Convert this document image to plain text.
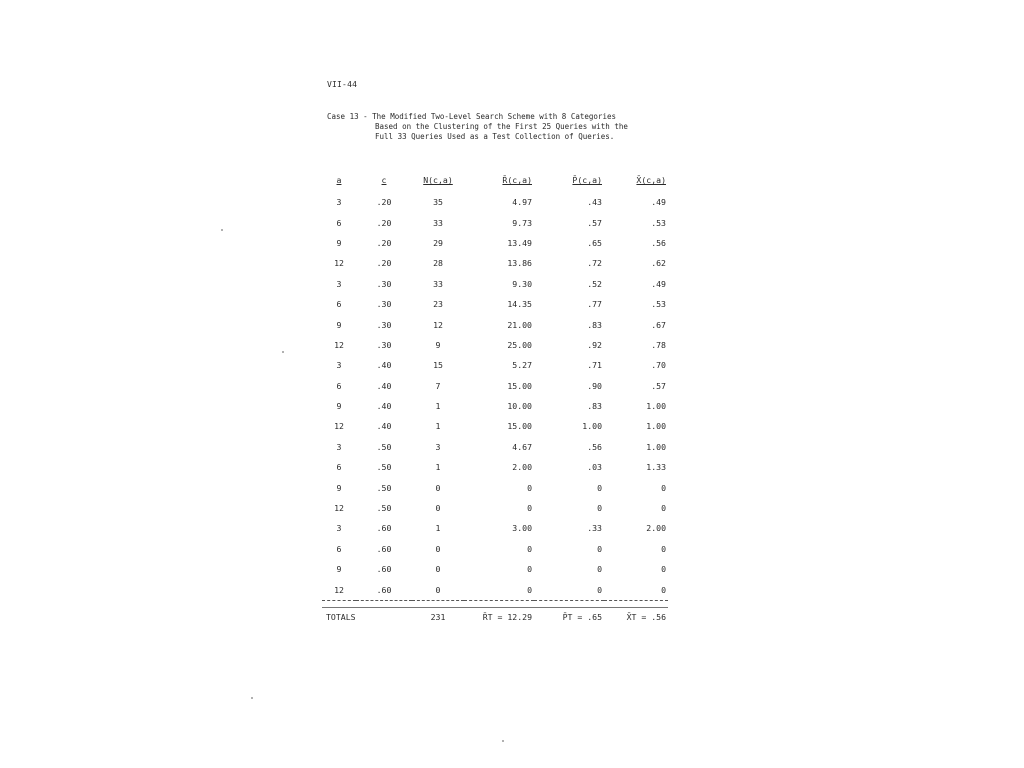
VII-44
Case 13 - The Modified Two-Level Search Scheme with 8 Categories
Based on the Clustering of the First 25 Queries with the
Full 33 Queries Used as a Test Collection of Queries.
a	c	N(c,a)	R̄(c,a)	P̄(c,a)	X̄(c,a)
3	.20	35	4.97	.43	.49
6	.20	33	9.73	.57	.53
9	.20	29	13.49	.65	.56
12	.20	28	13.86	.72	.62
3	.30	33	9.30	.52	.49
6	.30	23	14.35	.77	.53
9	.30	12	21.00	.83	.67
12	.30	9	25.00	.92	.78
3	.40	15	5.27	.71	.70
6	.40	7	15.00	.90	.57
9	.40	1	10.00	.83	1.00
12	.40	1	15.00	1.00	1.00
3	.50	3	4.67	.56	1.00
6	.50	1	2.00	.03	1.33
9	.50	0	0	0	0
12	.50	0	0	0	0
3	.60	1	3.00	.33	2.00
6	.60	0	0	0	0
9	.60	0	0	0	0
12	.60	0	0	0	0

TOTALS		231	R̄T = 12.29	P̄T = .65	X̄T = .56
